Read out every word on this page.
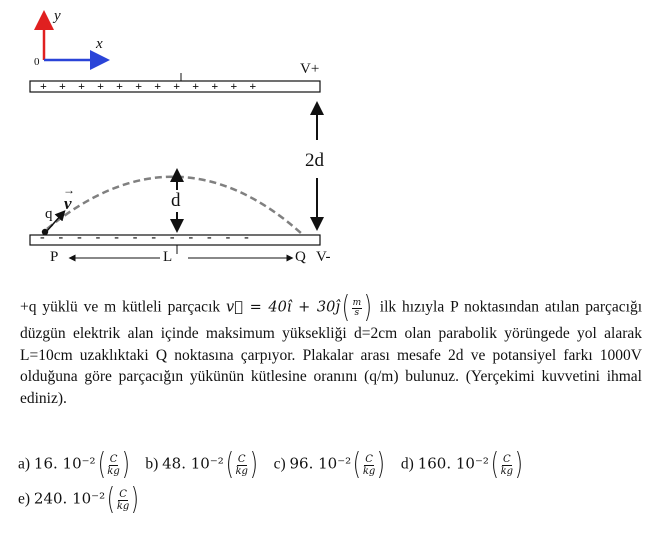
y
x
0	V+
+ + + + + + + + + + + +
- - - - - - - - - - - -
2d
d
q
v
→
P	L	Q V-
+q yüklü ve m kütleli parçacık v⃗ = 40î + 30ĵ ( $\frac{m}{s}$ ) ilk hızıyla P noktasından atılan parçacığı düzgün elektrik alan içinde maksimum yüksekliği d=2cm olan parabolik yörüngede yol alarak L=10cm uzaklıktaki Q noktasına çarpıyor. Plakalar arası mesafe 2d ve potansiyel farkı 1000V olduğuna göre parçacığın yükünün kütlesine oranını (q/m) bulunuz. (Yerçekimi kuvvetini ihmal ediniz).
a) 16. 10⁻² ( $\frac{C}{kg}$ ) b) 48. 10⁻² ( $\frac{C}{kg}$ ) c) 96. 10⁻² ( $\frac{C}{kg}$ ) d) 160. 10⁻² ( $\frac{C}{kg}$ )
e) 240. 10⁻² ( $\frac{C}{kg}$ )
